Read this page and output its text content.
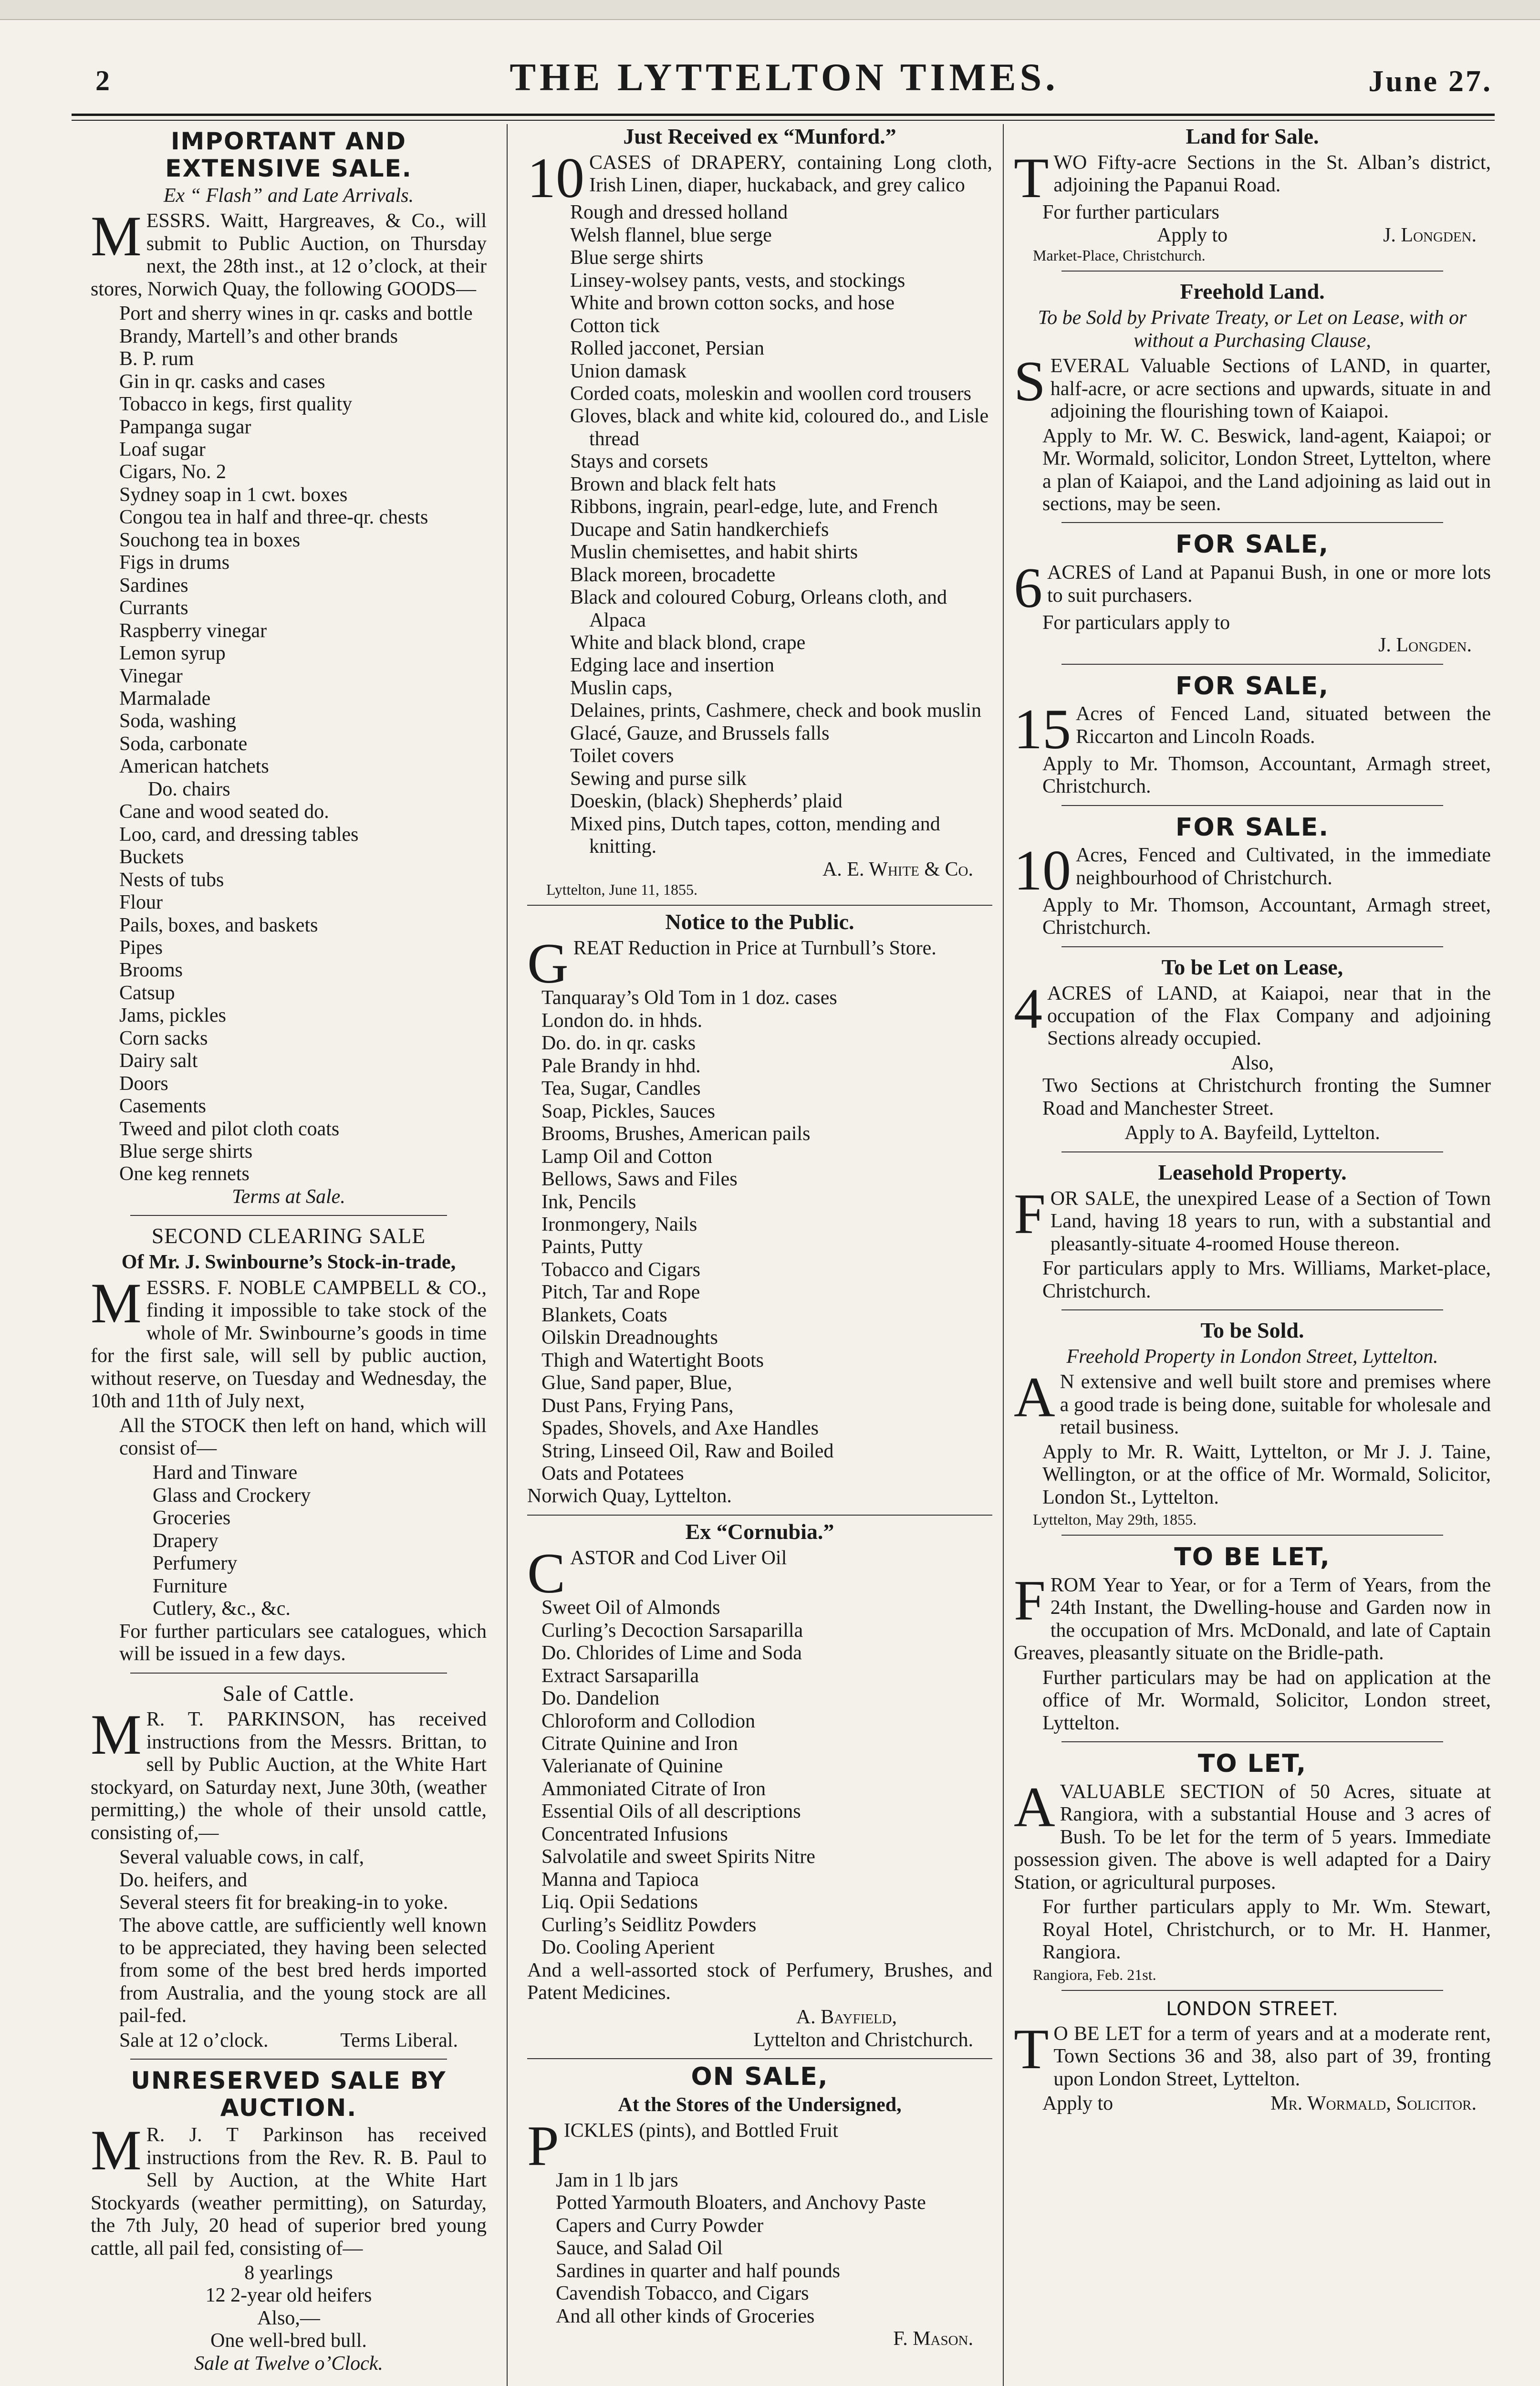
2	THE LYTTELTON TIMES.	June 27.
IMPORTANT AND EXTENSIVE SALE.
Ex “ Flash” and Late Arrivals.

MESSRS. Waitt, Hargreaves, & Co., will submit to Public Auction, on Thursday next, the 28th inst., at 12 o’clock, at their stores, Norwich Quay, the following GOODS—

Port and sherry wines in qr. casks and bottle
Brandy, Martell’s and other brands
B. P. rum
Gin in qr. casks and cases
Tobacco in kegs, first quality
Pampanga sugar
Loaf sugar
Cigars, No. 2
Sydney soap in 1 cwt. boxes
Congou tea in half and three-qr. chests
Souchong tea in boxes
Figs in drums
Sardines
Currants
Raspberry vinegar
Lemon syrup
Vinegar
Marmalade
Soda, washing
Soda, carbonate
American hatchets
Do. chairs
Cane and wood seated do.
Loo, card, and dressing tables
Buckets
Nests of tubs
Flour
Pails, boxes, and baskets
Pipes
Brooms
Catsup
Jams, pickles
Corn sacks
Dairy salt
Doors
Casements
Tweed and pilot cloth coats
Blue serge shirts
One keg rennets
Terms at Sale.
SECOND CLEARING SALE
Of Mr. J. Swinbourne’s Stock-in-trade,

MESSRS. F. NOBLE CAMPBELL & CO., finding it impossible to take stock of the whole of Mr. Swinbourne’s goods in time for the first sale, will sell by public auction, without reserve, on Tuesday and Wednesday, the 10th and 11th of July next,

All the STOCK then left on hand, which will consist of—

Hard and Tinware
Glass and Crockery
Groceries
Drapery
Perfumery
Furniture
Cutlery, &c., &c.

For further particulars see catalogues, which will be issued in a few days.

Sale of Cattle.

M R. T. PARKINSON, has received instructions from the Messrs. Brittan, to sell by Public Auction, at the White Hart stockyard, on Saturday next, June 30th, (weather permitting,) the whole of their unsold cattle, consisting of,—

Several valuable cows, in calf,
Do. heifers, and
Several steers fit for breaking-in to yoke.

The above cattle, are sufficiently well known to be appreciated, they having been selected from some of the best bred herds imported from Australia, and the young stock are all pail-fed.

Sale at 12 o’clock.	Terms Liberal.
UNRESERVED SALE BY AUCTION.

M R. J. T Parkinson has received instructions from the Rev. R. B. Paul to Sell by Auction, at the White Hart Stockyards (weather permitting), on Saturday, the 7th July, 20 head of superior bred young cattle, all pail fed, consisting of—

8 yearlings
12 2-year old heifers
Also,—
One well-bred bull.
Sale at Twelve o’Clock.
Just Received ex “Munford.”

10 CASES of DRAPERY, containing Long cloth, Irish Linen, diaper, huckaback, and grey calico

Rough and dressed holland
Welsh flannel, blue serge
Blue serge shirts
Linsey-wolsey pants, vests, and stockings
White and brown cotton socks, and hose
Cotton tick
Rolled jacconet, Persian
Union damask
Corded coats, moleskin and woollen cord trousers
Gloves, black and white kid, coloured do., and Lisle thread
Stays and corsets
Brown and black felt hats
Ribbons, ingrain, pearl-edge, lute, and French
Ducape and Satin handkerchiefs
Muslin chemisettes, and habit shirts
Black moreen, brocadette
Black and coloured Coburg, Orleans cloth, and Alpaca
White and black blond, crape
Edging lace and insertion
Muslin caps,
Delaines, prints, Cashmere, check and book muslin
Glacé, Gauze, and Brussels falls
Toilet covers
Sewing and purse silk
Doeskin, (black) Shepherds’ plaid
Mixed pins, Dutch tapes, cotton, mending and knitting.
A. E. White & Co.
Lyttelton, June 11, 1855.
Notice to the Public.

GREAT Reduction in Price at Turnbull’s Store.

Tanquaray’s Old Tom in 1 doz. cases
London do. in hhds.
Do. do. in qr. casks
Pale Brandy in hhd.
Tea, Sugar, Candles
Soap, Pickles, Sauces
Brooms, Brushes, American pails
Lamp Oil and Cotton
Bellows, Saws and Files
Ink, Pencils
Ironmongery, Nails
Paints, Putty
Tobacco and Cigars
Pitch, Tar and Rope
Blankets, Coats
Oilskin Dreadnoughts
Thigh and Watertight Boots
Glue, Sand paper, Blue,
Dust Pans, Frying Pans,
Spades, Shovels, and Axe Handles
String, Linseed Oil, Raw and Boiled
Oats and Potatees
Norwich Quay, Lyttelton.
Ex “Cornubia.”

CASTOR and Cod Liver Oil

Sweet Oil of Almonds
Curling’s Decoction Sarsaparilla
Do. Chlorides of Lime and Soda
Extract Sarsaparilla
Do. Dandelion
Chloroform and Collodion
Citrate Quinine and Iron
Valerianate of Quinine
Ammoniated Citrate of Iron
Essential Oils of all descriptions
Concentrated Infusions
Salvolatile and sweet Spirits Nitre
Manna and Tapioca
Liq. Opii Sedations
Curling’s Seidlitz Powders
Do. Cooling Aperient

And a well-assorted stock of Perfumery, Brushes, and Patent Medicines.

A. Bayfield,
Lyttelton and Christchurch.
ON SALE,
At the Stores of the Undersigned,

PICKLES (pints), and Bottled Fruit

Jam in 1 lb jars
Potted Yarmouth Bloaters, and Anchovy Paste
Capers and Curry Powder
Sauce, and Salad Oil
Sardines in quarter and half pounds
Cavendish Tobacco, and Cigars
And all other kinds of Groceries
F. Mason.
Land for Sale.

TWO Fifty-acre Sections in the St. Alban’s district, adjoining the Papanui Road.

For further particulars
Apply to	J. Longden.
Market-Place, Christchurch.
Freehold Land.
To be Sold by Private Treaty, or Let on Lease, with or without a Purchasing Clause,

SEVERAL Valuable Sections of LAND, in quarter, half-acre, or acre sections and upwards, situate in and adjoining the flourishing town of Kaiapoi.

Apply to Mr. W. C. Beswick, land-agent, Kaiapoi; or Mr. Wormald, solicitor, London Street, Lyttelton, where a plan of Kaiapoi, and the Land adjoining as laid out in sections, may be seen.

FOR SALE,

6 ACRES of Land at Papanui Bush, in one or more lots to suit purchasers.

For particulars apply to
J. Longden.
FOR SALE,

15 Acres of Fenced Land, situated between the Riccarton and Lincoln Roads.

Apply to Mr. Thomson, Accountant, Armagh street, Christchurch.

FOR SALE.

10 Acres, Fenced and Cultivated, in the immediate neighbourhood of Christchurch.

Apply to Mr. Thomson, Accountant, Armagh street, Christchurch.

To be Let on Lease,

4 ACRES of LAND, at Kaiapoi, near that in the occupation of the Flax Company and adjoining Sections already occupied.

Also,

Two Sections at Christchurch fronting the Sumner Road and Manchester Street.

Apply to A. Bayfeild, Lyttelton.
Leasehold Property.

FOR SALE, the unexpired Lease of a Section of Town Land, having 18 years to run, with a substantial and pleasantly-situate 4-roomed House thereon.

For particulars apply to Mrs. Williams, Market-place, Christchurch.

To be Sold.
Freehold Property in London Street, Lyttelton.

A N extensive and well built store and premises where a good trade is being done, suitable for wholesale and retail business.

Apply to Mr. R. Waitt, Lyttelton, or Mr J. J. Taine, Wellington, or at the office of Mr. Wormald, Solicitor, London St., Lyttelton.

Lyttelton, May 29th, 1855.
TO BE LET,

FROM Year to Year, or for a Term of Years, from the 24th Instant, the Dwelling-house and Garden now in the occupation of Mrs. McDonald, and late of Captain Greaves, pleasantly situate on the Bridle-path.

Further particulars may be had on application at the office of Mr. Wormald, Solicitor, London street, Lyttelton.

TO LET,

AVALUABLE SECTION of 50 Acres, situate at Rangiora, with a substantial House and 3 acres of Bush. To be let for the term of 5 years. Immediate possession given. The above is well adapted for a Dairy Station, or agricultural purposes.

For further particulars apply to Mr. Wm. Stewart, Royal Hotel, Christchurch, or to Mr. H. Hanmer, Rangiora.

Rangiora, Feb. 21st.
LONDON STREET.

T O BE LET for a term of years and at a moderate rent, Town Sections 36 and 38, also part of 39, fronting upon London Street, Lyttelton.

Apply to	Mr. Wormald, Solicitor.
